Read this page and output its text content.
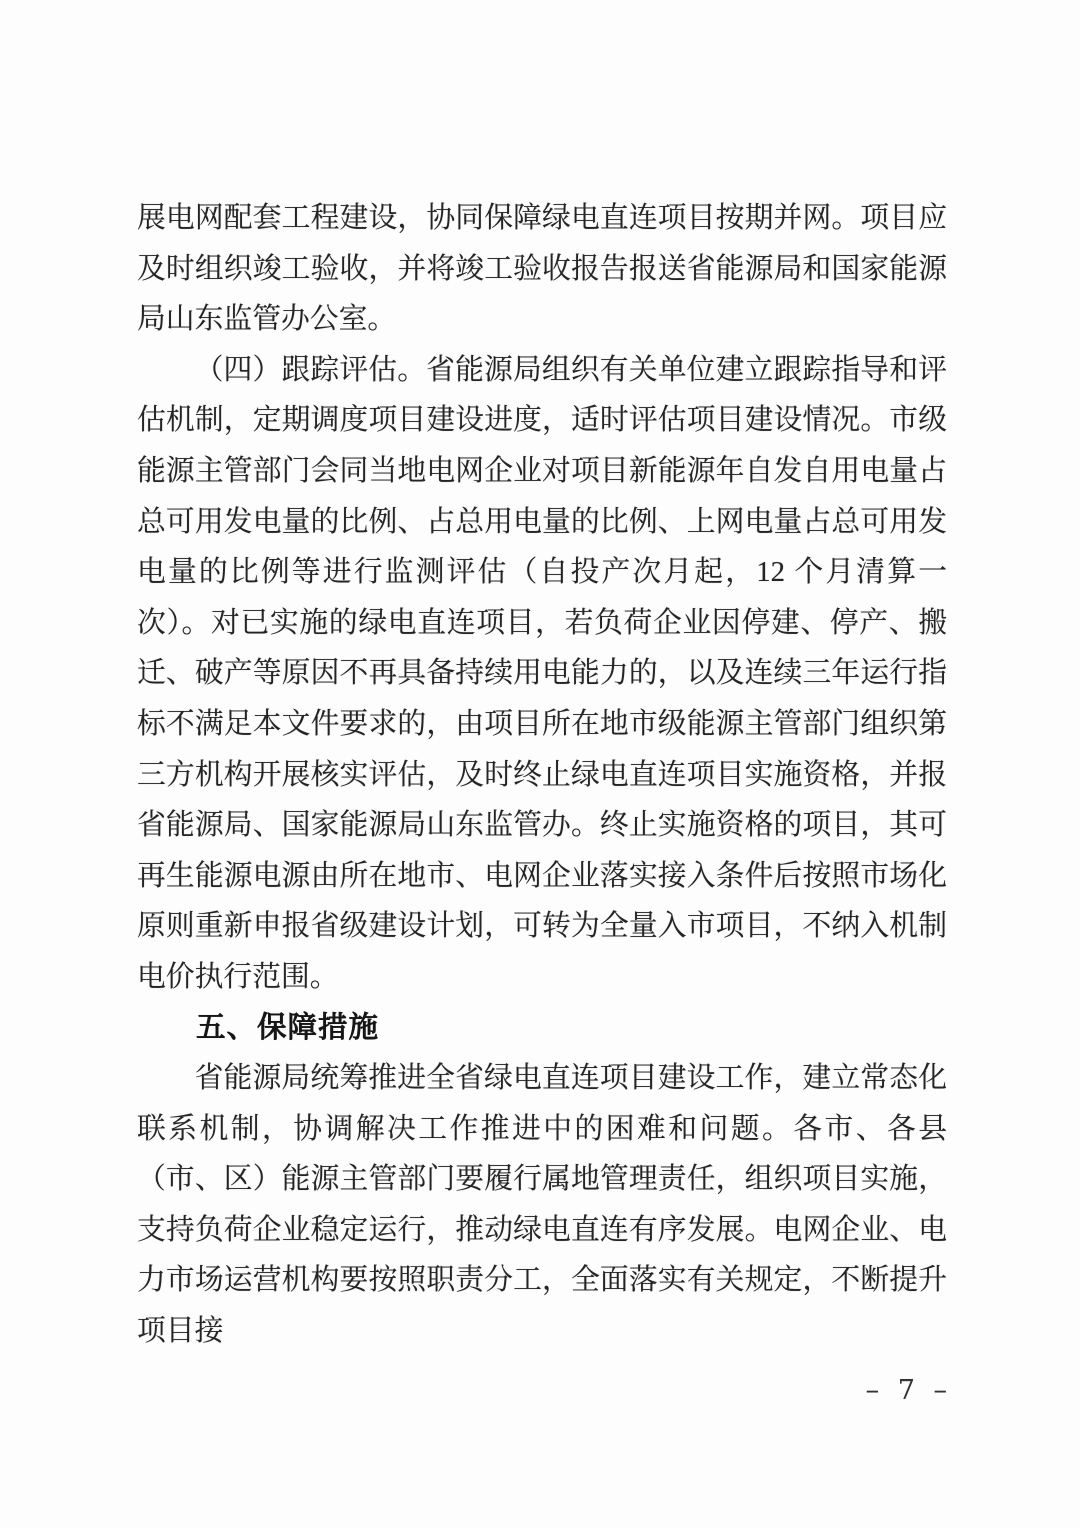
展电网配套工程建设，协同保障绿电直连项目按期并网。项目应及时组织竣工验收，并将竣工验收报告报送省能源局和国家能源局山东监管办公室。

（四）跟踪评估。省能源局组织有关单位建立跟踪指导和评估机制，定期调度项目建设进度，适时评估项目建设情况。市级能源主管部门会同当地电网企业对项目新能源年自发自用电量占总可用发电量的比例、占总用电量的比例、上网电量占总可用发电量的比例等进行监测评估（自投产次月起，12 个月清算一次）。对已实施的绿电直连项目，若负荷企业因停建、停产、搬迁、破产等原因不再具备持续用电能力的，以及连续三年运行指标不满足本文件要求的，由项目所在地市级能源主管部门组织第三方机构开展核实评估，及时终止绿电直连项目实施资格，并报省能源局、国家能源局山东监管办。终止实施资格的项目，其可再生能源电源由所在地市、电网企业落实接入条件后按照市场化原则重新申报省级建设计划，可转为全量入市项目，不纳入机制电价执行范围。

五、保障措施

省能源局统筹推进全省绿电直连项目建设工作，建立常态化联系机制，协调解决工作推进中的困难和问题。各市、各县（市、区）能源主管部门要履行属地管理责任，组织项目实施，支持负荷企业稳定运行，推动绿电直连有序发展。电网企业、电力市场运营机构要按照职责分工，全面落实有关规定，不断提升项目接

– 7 –
